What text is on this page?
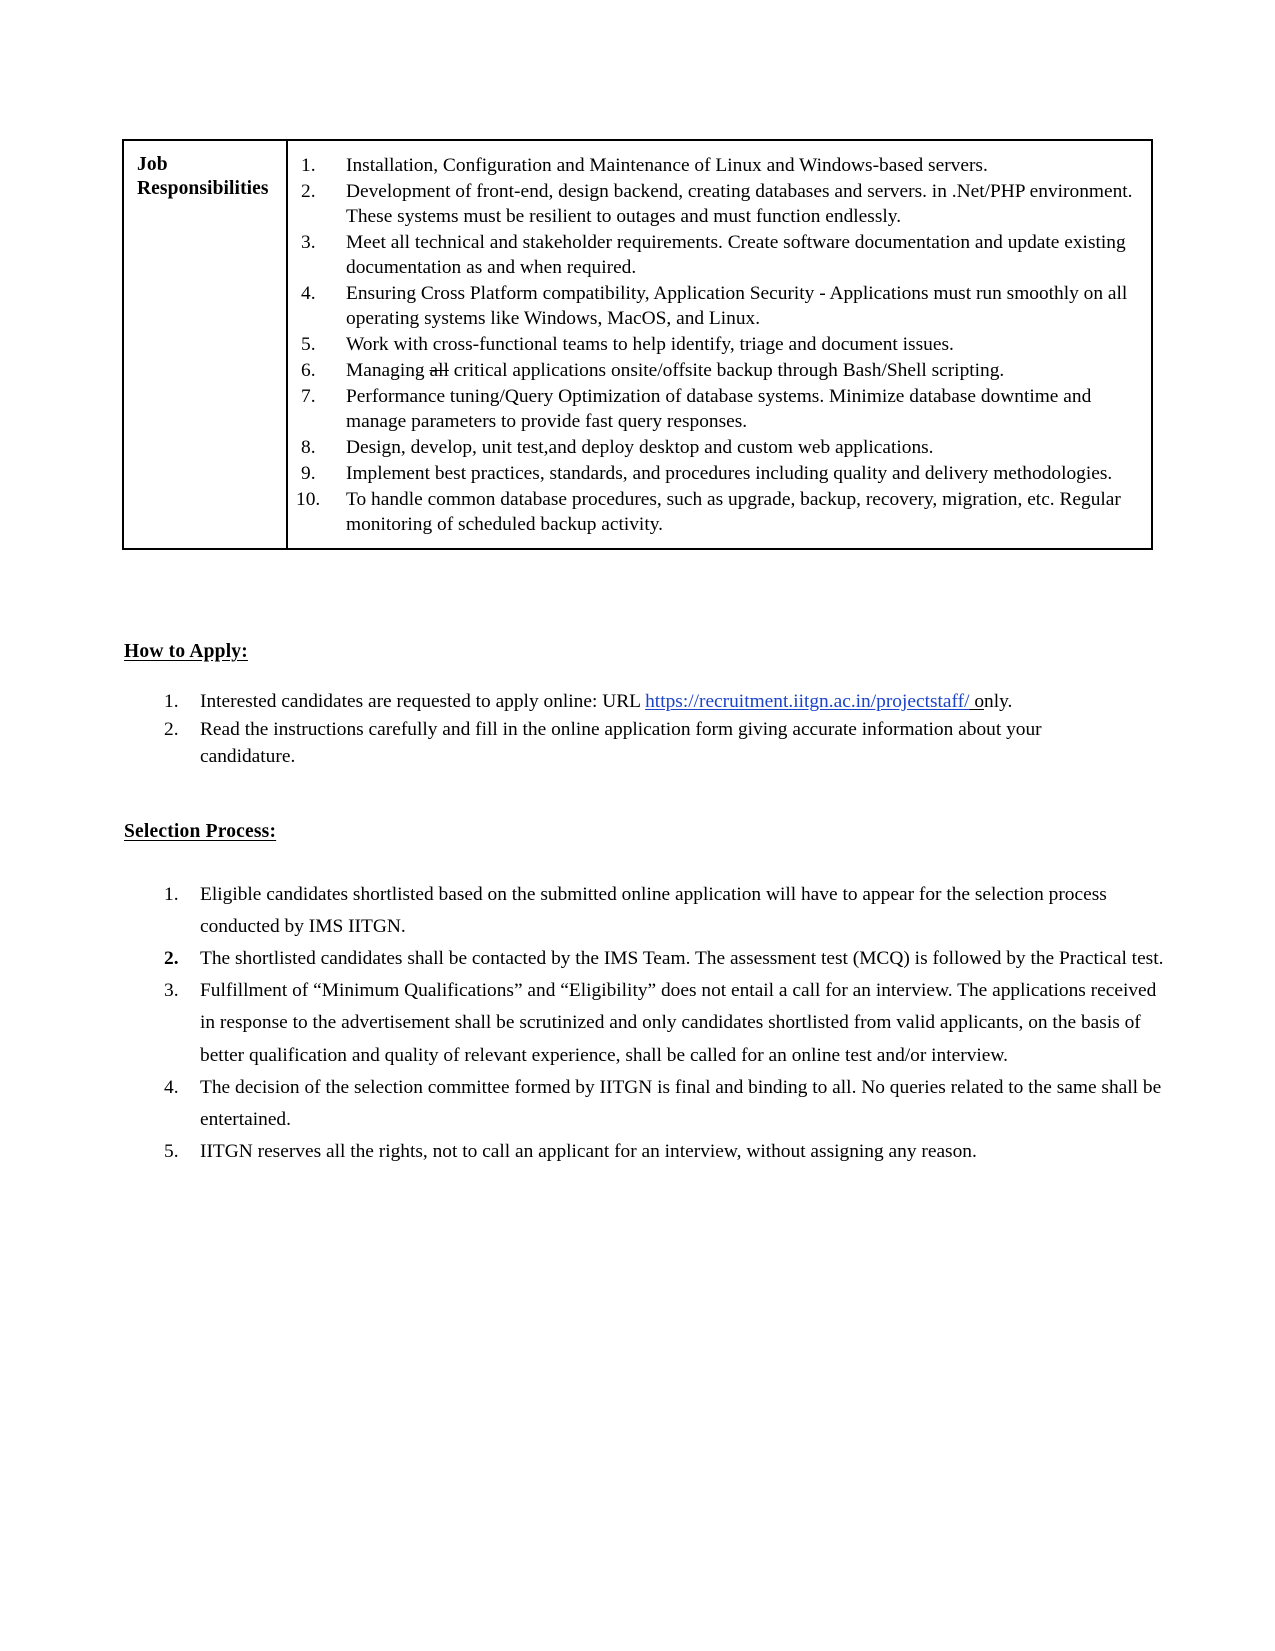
Job
Responsibilities

1.	Installation, Configuration and Maintenance of Linux and Windows-based servers.
2.	Development of front-end, design backend, creating databases and servers. in .Net/PHP environment. These systems must be resilient to outages and must function endlessly.
3.	Meet all technical and stakeholder requirements. Create software documentation and update existing documentation as and when required.
4.	Ensuring Cross Platform compatibility, Application Security - Applications must run smoothly on all operating systems like Windows, MacOS, and Linux.
5.	Work with cross-functional teams to help identify, triage and document issues.
6.	Managing all critical applications onsite/offsite backup through Bash/Shell scripting.
7.	Performance tuning/Query Optimization of database systems. Minimize database downtime and manage parameters to provide fast query responses.
8.	Design, develop, unit test,and deploy desktop and custom web applications.
9.	Implement best practices, standards, and procedures including quality and delivery methodologies.
10.	To handle common database procedures, such as upgrade, backup, recovery, migration, etc. Regular monitoring of scheduled backup activity.
How to Apply:
1.	Interested candidates are requested to apply online: URL https://recruitment.iitgn.ac.in/projectstaff/ only.
2.	Read the instructions carefully and fill in the online application form giving accurate information about your candidature.
Selection Process:
1.	Eligible candidates shortlisted based on the submitted online application will have to appear for the selection process conducted by IMS IITGN.
2.	The shortlisted candidates shall be contacted by the IMS Team. The assessment test (MCQ) is followed by the Practical test.
3.	Fulfillment of “Minimum Qualifications” and “Eligibility” does not entail a call for an interview. The applications received in response to the advertisement shall be scrutinized and only candidates shortlisted from valid applicants, on the basis of better qualification and quality of relevant experience, shall be called for an online test and/or interview.
4.	The decision of the selection committee formed by IITGN is final and binding to all. No queries related to the same shall be entertained.
5.	IITGN reserves all the rights, not to call an applicant for an interview, without assigning any reason.
